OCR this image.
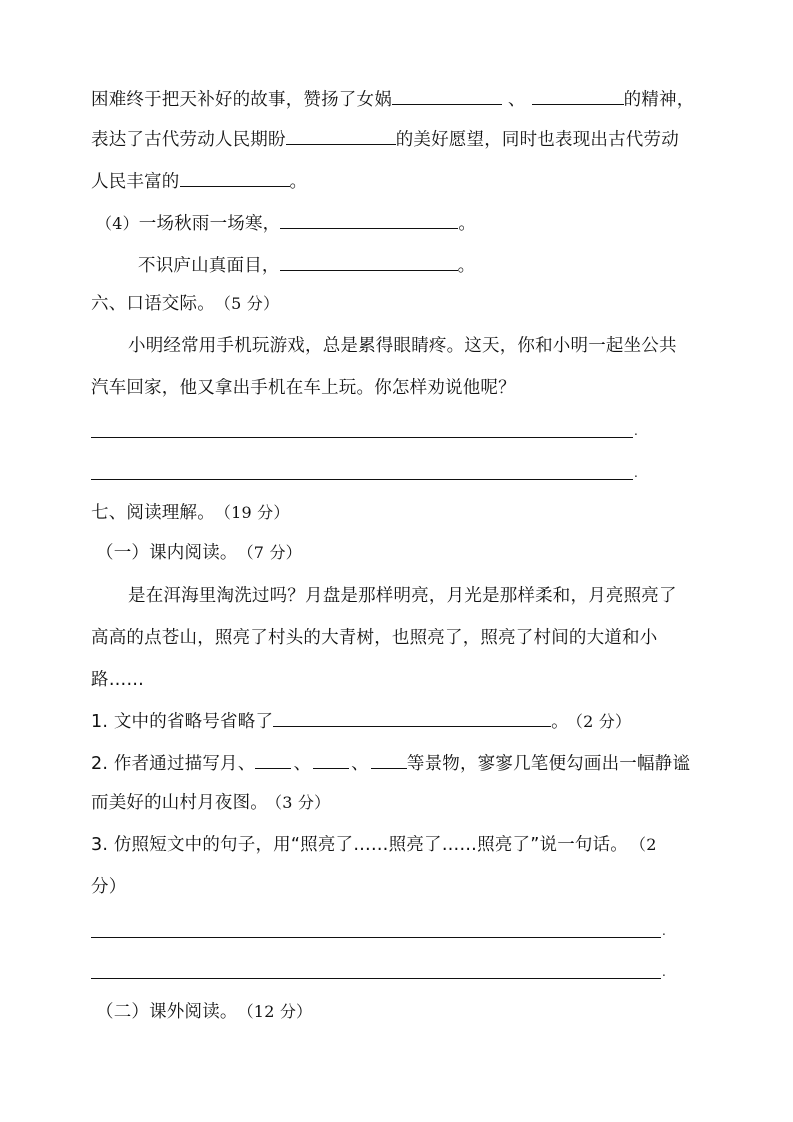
困难终于把天补好的故事，赞扬了女娲	、	的精神，
表达了古代劳动人民期盼	的美好愿望，同时也表现出古代劳动
人民丰富的	。
（4）一场秋雨一场寒，	。
不识庐山真面目，	。
六、口语交际。 （5 分）
小明经常用手机玩游戏，总是累得眼睛疼。这天，你和小明一起坐公共
汽车回家，他又拿出手机在车上玩。你怎样劝说他呢？
.
.
七、阅读理解。 （19 分）
（一）课内阅读。 （7 分）
是在洱海里淘洗过吗？月盘是那样明亮，月光是那样柔和，月亮照亮了
高高的点苍山，照亮了村头的大青树，也照亮了，照亮了村间的大道和小
路……
1. 文中的省略号省略了	。 （2 分）
2. 作者通过描写月、 、 、 等景物，寥寥几笔便勾画出一幅静谧
而美好的山村月夜图。 （3 分）
3. 仿照短文中的句子，用“照亮了……照亮了……照亮了”说一句话。 （2
分）
.
.
（二）课外阅读。 （12 分）
